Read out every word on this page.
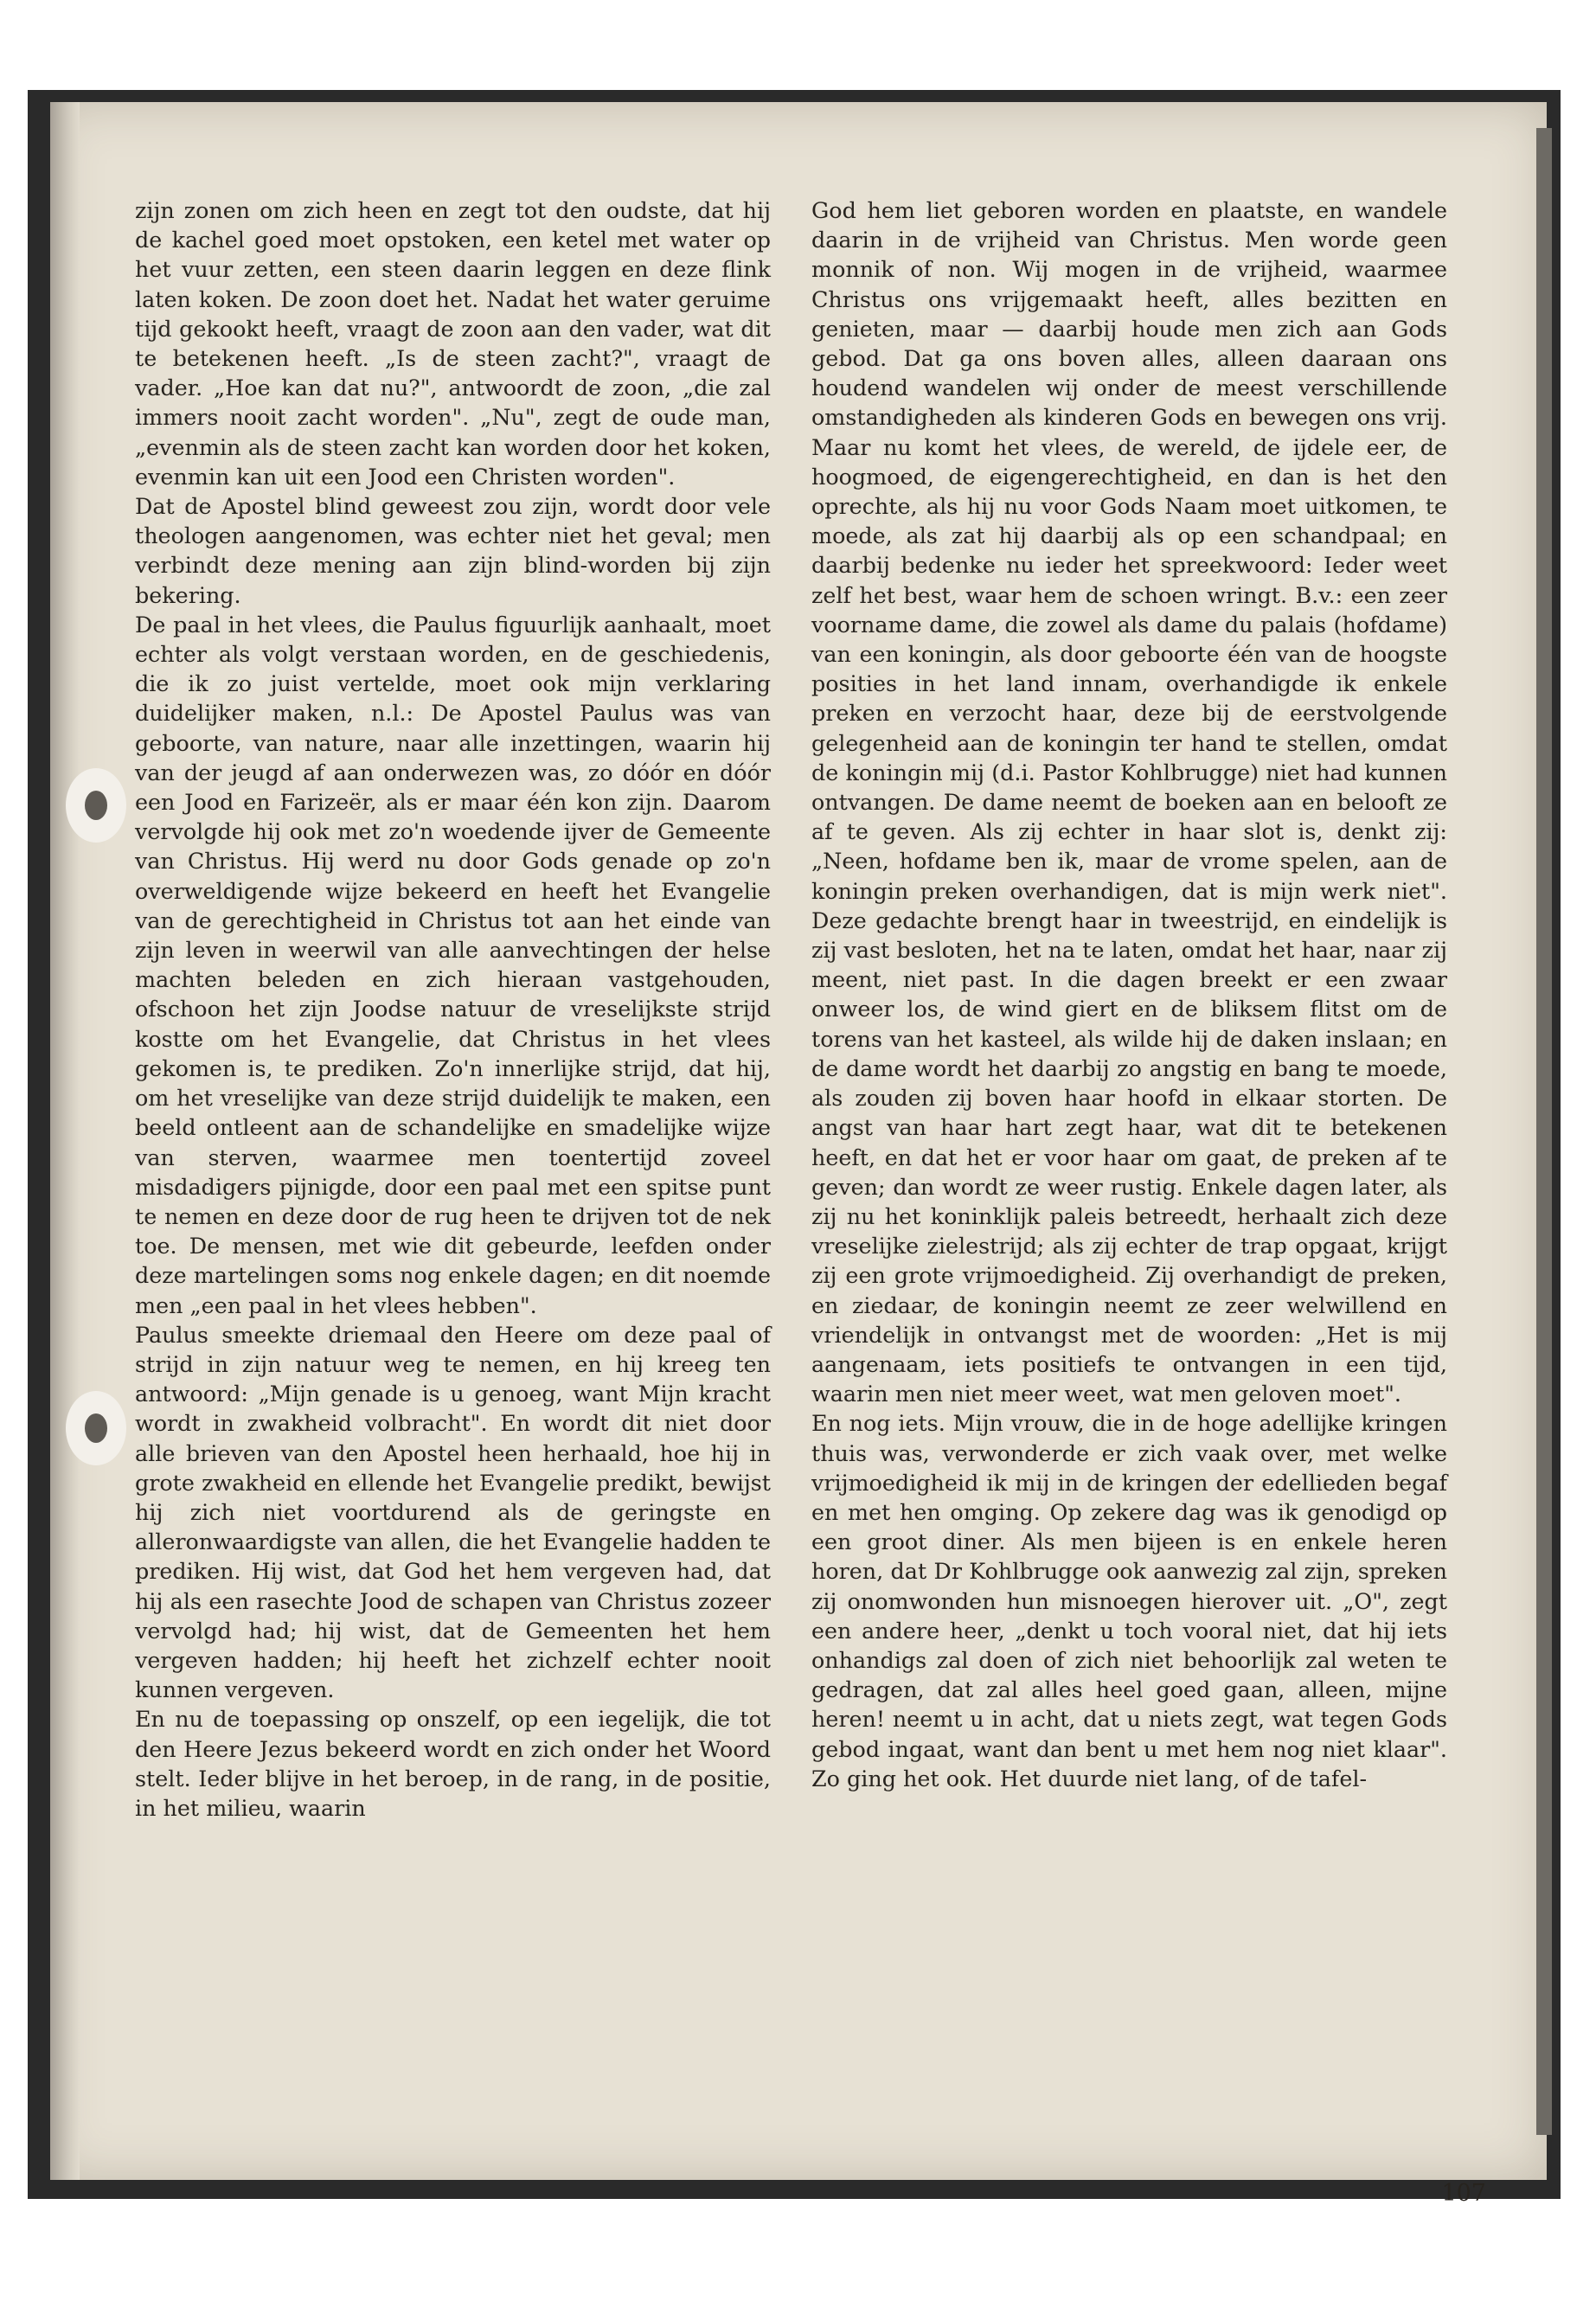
zijn zonen om zich heen en zegt tot den oudste, dat hij de kachel goed moet opstoken, een ketel met water op het vuur zetten, een steen daarin leggen en deze flink laten koken. De zoon doet het. Nadat het water geruime tijd gekookt heeft, vraagt de zoon aan den vader, wat dit te betekenen heeft. „Is de steen zacht?", vraagt de vader. „Hoe kan dat nu?", antwoordt de zoon, „die zal immers nooit zacht worden". „Nu", zegt de oude man, „evenmin als de steen zacht kan worden door het koken, evenmin kan uit een Jood een Christen worden".

Dat de Apostel blind geweest zou zijn, wordt door vele theologen aangenomen, was echter niet het geval; men verbindt deze mening aan zijn blind-worden bij zijn bekering.

De paal in het vlees, die Paulus figuurlijk aanhaalt, moet echter als volgt verstaan worden, en de geschiedenis, die ik zo juist vertelde, moet ook mijn verklaring duidelijker maken, n.l.: De Apostel Paulus was van geboorte, van nature, naar alle inzettingen, waarin hij van der jeugd af aan onderwezen was, zo dóór en dóór een Jood en Farizeër, als er maar één kon zijn. Daarom vervolgde hij ook met zo'n woedende ijver de Gemeente van Christus. Hij werd nu door Gods genade op zo'n overweldigende wijze bekeerd en heeft het Evangelie van de gerechtigheid in Christus tot aan het einde van zijn leven in weerwil van alle aanvechtingen der helse machten beleden en zich hieraan vastgehouden, ofschoon het zijn Joodse natuur de vreselijkste strijd kostte om het Evangelie, dat Christus in het vlees gekomen is, te prediken. Zo'n innerlijke strijd, dat hij, om het vreselijke van deze strijd duidelijk te maken, een beeld ontleent aan de schandelijke en smadelijke wijze van sterven, waarmee men toentertijd zoveel misdadigers pijnigde, door een paal met een spitse punt te nemen en deze door de rug heen te drijven tot de nek toe. De mensen, met wie dit gebeurde, leefden onder deze martelingen soms nog enkele dagen; en dit noemde men „een paal in het vlees hebben".

Paulus smeekte driemaal den Heere om deze paal of strijd in zijn natuur weg te nemen, en hij kreeg ten antwoord: „Mijn genade is u genoeg, want Mijn kracht wordt in zwakheid volbracht". En wordt dit niet door alle brieven van den Apostel heen herhaald, hoe hij in grote zwakheid en ellende het Evangelie predikt, bewijst hij zich niet voortdurend als de geringste en alleronwaardigste van allen, die het Evangelie hadden te prediken. Hij wist, dat God het hem vergeven had, dat hij als een rasechte Jood de schapen van Christus zozeer vervolgd had; hij wist, dat de Gemeenten het hem vergeven hadden; hij heeft het zichzelf echter nooit kunnen vergeven.

En nu de toepassing op onszelf, op een iegelijk, die tot den Heere Jezus bekeerd wordt en zich onder het Woord stelt. Ieder blijve in het beroep, in de rang, in de positie, in het milieu, waarin

God hem liet geboren worden en plaatste, en wandele daarin in de vrijheid van Christus. Men worde geen monnik of non. Wij mogen in de vrijheid, waarmee Christus ons vrijgemaakt heeft, alles bezitten en genieten, maar — daarbij houde men zich aan Gods gebod. Dat ga ons boven alles, alleen daaraan ons houdend wandelen wij onder de meest verschillende omstandigheden als kinderen Gods en bewegen ons vrij. Maar nu komt het vlees, de wereld, de ijdele eer, de hoogmoed, de eigengerechtigheid, en dan is het den oprechte, als hij nu voor Gods Naam moet uitkomen, te moede, als zat hij daarbij als op een schandpaal; en daarbij bedenke nu ieder het spreekwoord: Ieder weet zelf het best, waar hem de schoen wringt. B.v.: een zeer voorname dame, die zowel als dame du palais (hofdame) van een koningin, als door geboorte één van de hoogste posities in het land innam, overhandigde ik enkele preken en verzocht haar, deze bij de eerstvolgende gelegenheid aan de koningin ter hand te stellen, omdat de koningin mij (d.i. Pastor Kohlbrugge) niet had kunnen ontvangen. De dame neemt de boeken aan en belooft ze af te geven. Als zij echter in haar slot is, denkt zij: „Neen, hofdame ben ik, maar de vrome spelen, aan de koningin preken overhandigen, dat is mijn werk niet". Deze gedachte brengt haar in tweestrijd, en eindelijk is zij vast besloten, het na te laten, omdat het haar, naar zij meent, niet past. In die dagen breekt er een zwaar onweer los, de wind giert en de bliksem flitst om de torens van het kasteel, als wilde hij de daken inslaan; en de dame wordt het daarbij zo angstig en bang te moede, als zouden zij boven haar hoofd in elkaar storten. De angst van haar hart zegt haar, wat dit te betekenen heeft, en dat het er voor haar om gaat, de preken af te geven; dan wordt ze weer rustig. Enkele dagen later, als zij nu het koninklijk paleis betreedt, herhaalt zich deze vreselijke zielestrijd; als zij echter de trap opgaat, krijgt zij een grote vrijmoedigheid. Zij overhandigt de preken, en ziedaar, de koningin neemt ze zeer welwillend en vriendelijk in ontvangst met de woorden: „Het is mij aangenaam, iets positiefs te ontvangen in een tijd, waarin men niet meer weet, wat men geloven moet".

En nog iets. Mijn vrouw, die in de hoge adellijke kringen thuis was, verwonderde er zich vaak over, met welke vrijmoedigheid ik mij in de kringen der edellieden begaf en met hen omging. Op zekere dag was ik genodigd op een groot diner. Als men bijeen is en enkele heren horen, dat Dr Kohlbrugge ook aanwezig zal zijn, spreken zij onomwonden hun misnoegen hierover uit. „O", zegt een andere heer, „denkt u toch vooral niet, dat hij iets onhandigs zal doen of zich niet behoorlijk zal weten te gedragen, dat zal alles heel goed gaan, alleen, mijne heren! neemt u in acht, dat u niets zegt, wat tegen Gods gebod ingaat, want dan bent u met hem nog niet klaar". Zo ging het ook. Het duurde niet lang, of de tafel-

107
